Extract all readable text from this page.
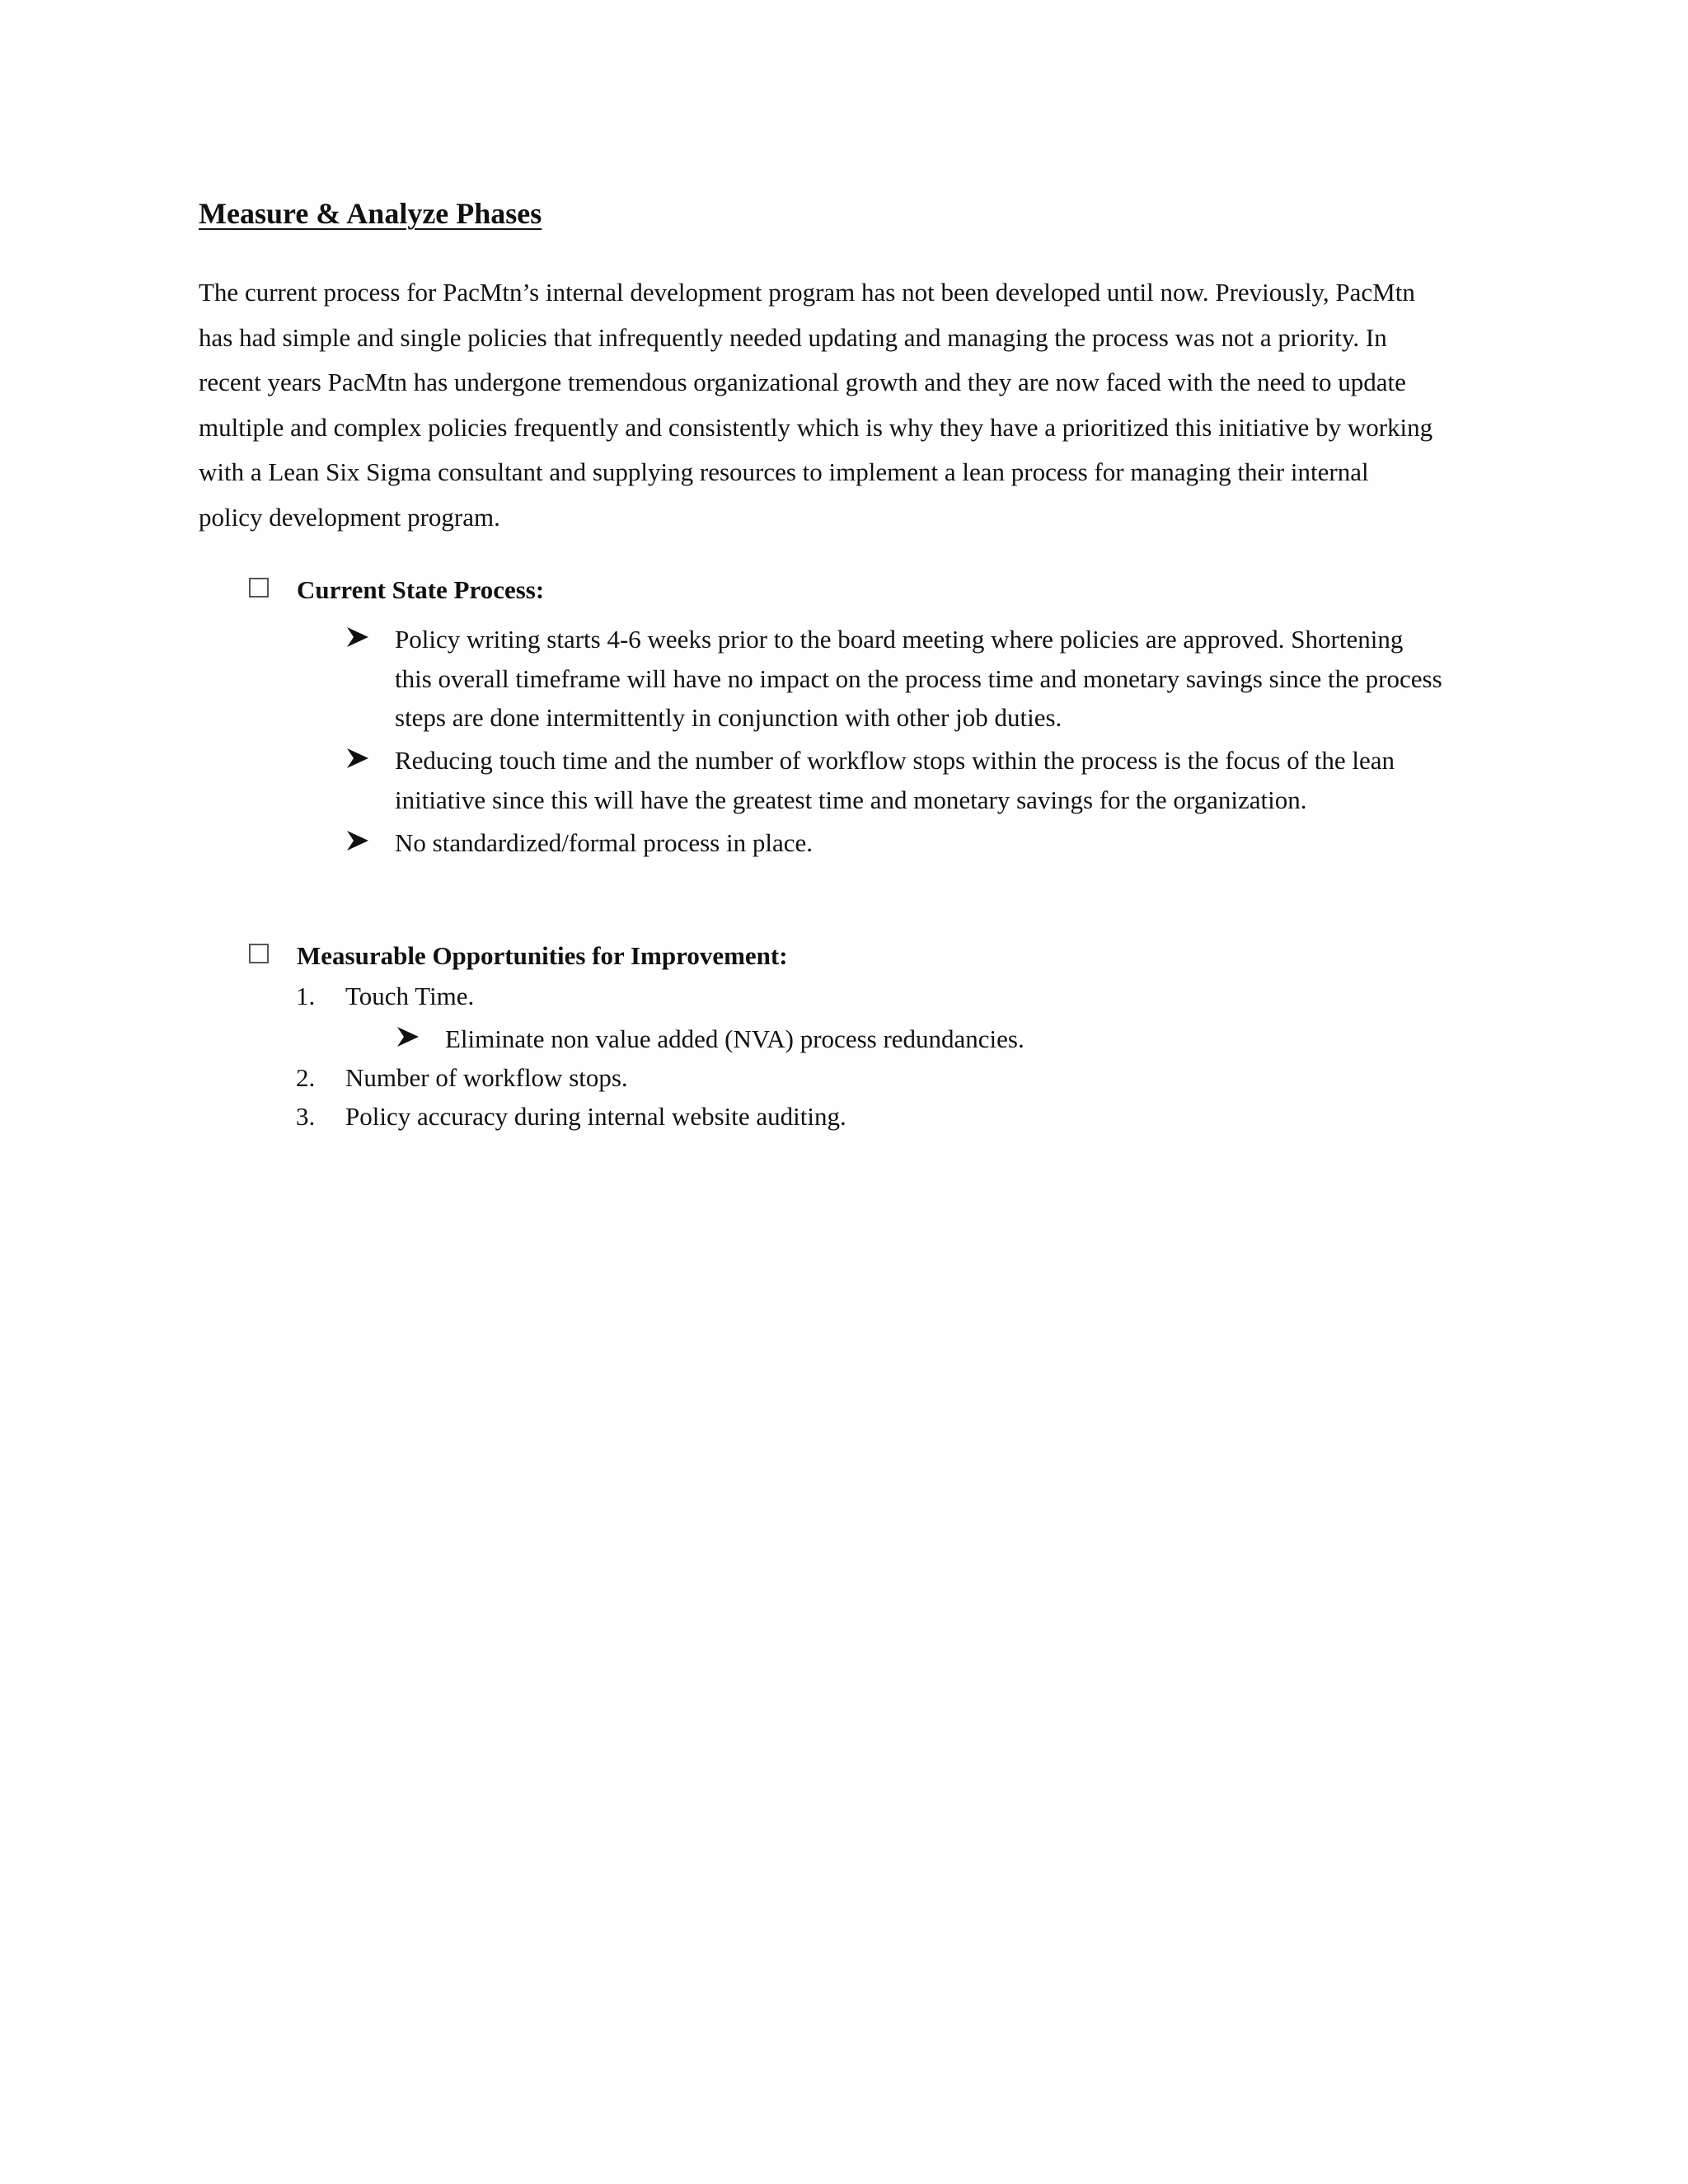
Measure & Analyze Phases
The current process for PacMtn’s internal development program has not been developed until now. Previously, PacMtn
has had simple and single policies that infrequently needed updating and managing the process was not a priority. In
recent years PacMtn has undergone tremendous organizational growth and they are now faced with the need to update
multiple and complex policies frequently and consistently which is why they have a prioritized this initiative by working
with a Lean Six Sigma consultant and supplying resources to implement a lean process for managing their internal
policy development program.
Current State Process:
Policy writing starts 4-6 weeks prior to the board meeting where policies are approved. Shortening
this overall timeframe will have no impact on the process time and monetary savings since the process
steps are done intermittently in conjunction with other job duties.
Reducing touch time and the number of workflow stops within the process is the focus of the lean
initiative since this will have the greatest time and monetary savings for the organization.
No standardized/formal process in place.
Measurable Opportunities for Improvement:
1. Touch Time.
Eliminate non value added (NVA) process redundancies.
2. Number of workflow stops.
3. Policy accuracy during internal website auditing.
